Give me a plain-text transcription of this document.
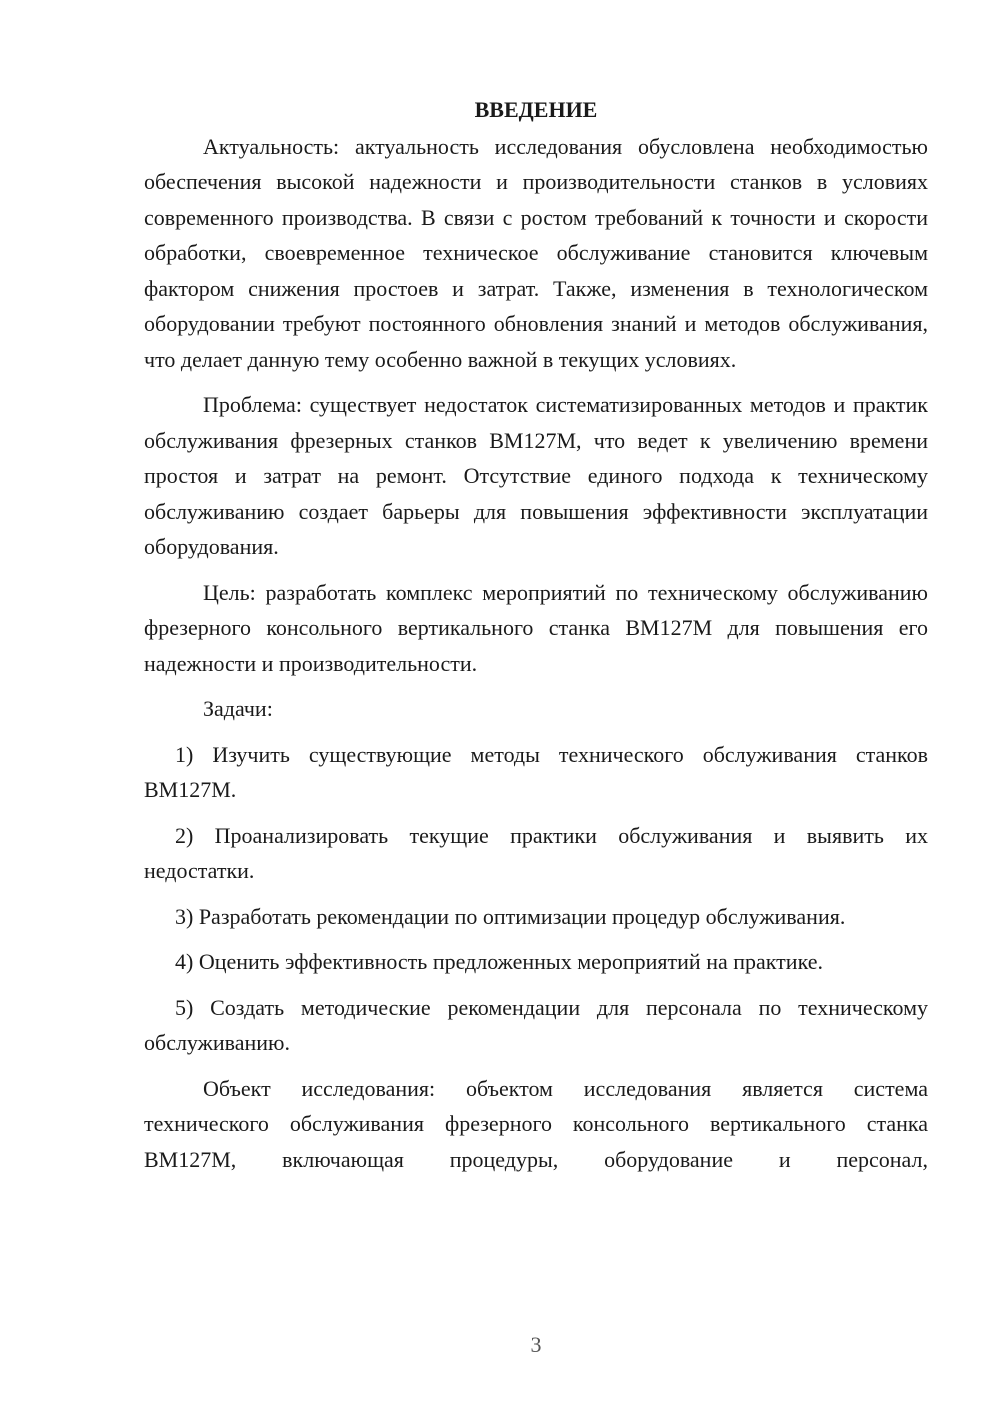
ВВЕДЕНИЕ

Актуальность: актуальность исследования обусловлена необходимостью обеспечения высокой надежности и производительности станков в условиях современного производства. В связи с ростом требований к точности и скорости обработки, своевременное техническое обслуживание становится ключевым фактором снижения простоев и затрат. Также, изменения в технологическом оборудовании требуют постоянного обновления знаний и методов обслуживания, что делает данную тему особенно важной в текущих условиях.

Проблема: существует недостаток систематизированных методов и практик обслуживания фрезерных станков ВМ127М, что ведет к увеличению времени простоя и затрат на ремонт. Отсутствие единого подхода к техническому обслуживанию создает барьеры для повышения эффективности эксплуатации оборудования.

Цель: разработать комплекс мероприятий по техническому обслуживанию фрезерного консольного вертикального станка ВМ127М для повышения его надежности и производительности.

Задачи:

1) Изучить существующие методы технического обслуживания станков ВМ127М.

2) Проанализировать текущие практики обслуживания и выявить их недостатки.

3) Разработать рекомендации по оптимизации процедур обслуживания.

4) Оценить эффективность предложенных мероприятий на практике.

5) Создать методические рекомендации для персонала по техническому обслуживанию.

Объект исследования: объектом исследования является система технического обслуживания фрезерного консольного вертикального станка ВМ127М, включающая процедуры, оборудование и персонал,

3
